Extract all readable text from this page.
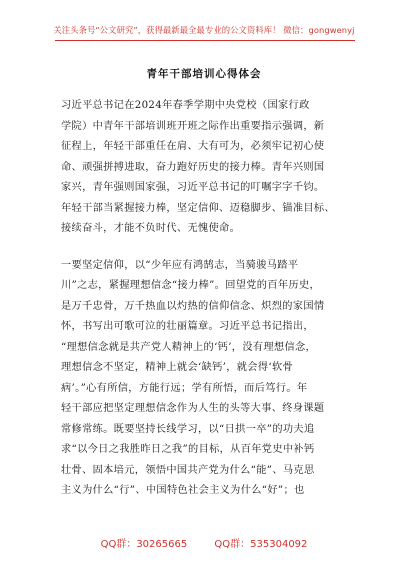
关注头条号“公文研究”，获得最新最全最专业的公文资料库！ 微信：gongwenyj
青年干部培训心得体会
习近平总书记在2024年春季学期中央党校（国家行政
学院）中青年干部培训班开班之际作出重要指示强调，新
征程上，年轻干部重任在肩、大有可为，必须牢记初心使
命、顽强拼搏进取，奋力跑好历史的接力棒。青年兴则国
家兴，青年强则国家强，习近平总书记的叮嘱字字千钧。
年轻干部当紧握接力棒，坚定信仰、迈稳脚步、锚准目标、
接续奋斗，才能不负时代、无愧使命。
一要坚定信仰，以“少年应有鸿鹄志，当骑骏马踏平
川”之志，紧握理想信念“接力棒”。回望党的百年历史，
是万千忠骨，万千热血以灼热的信仰信念、炽烈的家国情
怀，书写出可歌可泣的壮丽篇章。习近平总书记指出，
“理想信念就是共产党人精神上的‘钙’，没有理想信念，
理想信念不坚定，精神上就会‘缺钙’，就会得‘软骨
病’。”心有所信，方能行远；学有所悟，而后笃行。年
轻干部应把坚定理想信念作为人生的头等大事、终身课题
常修常练。既要坚持长线学习，以“日拱一卒”的功夫追
求“以今日之我胜昨日之我”的目标，从百年党史中补钙
壮骨、固本培元，领悟中国共产党为什么“能”、马克思
主义为什么“行”、中国特色社会主义为什么“好”；也
QQ群：30265665	QQ群：535304092
